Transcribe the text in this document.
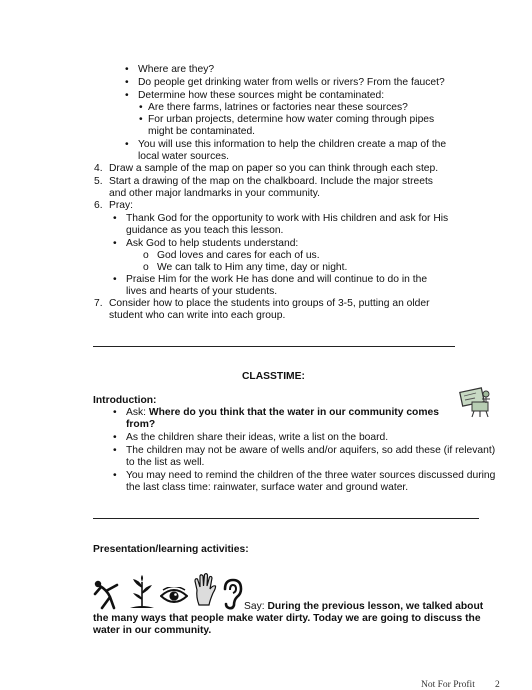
• Where are they?
• Do people get drinking water from wells or rivers? From the faucet?
• Determine how these sources might be contaminated:
• Are there farms, latrines or factories near these sources?
• For urban projects, determine how water coming through pipes
might be contaminated.
• You will use this information to help the children create a map of the
local water sources.
4. Draw a sample of the map on paper so you can think through each step.
5. Start a drawing of the map on the chalkboard. Include the major streets
and other major landmarks in your community.
6. Pray:
• Thank God for the opportunity to work with His children and ask for His
guidance as you teach this lesson.
• Ask God to help students understand:
o God loves and cares for each of us.
o We can talk to Him any time, day or night.
• Praise Him for the work He has done and will continue to do in the
lives and hearts of your students.
7. Consider how to place the students into groups of 3-5, putting an older
student who can write into each group.
CLASSTIME:
Introduction:
• Ask: Where do you think that the water in our community comes
from?
• As the children share their ideas, write a list on the board.
• The children may not be aware of wells and/or aquifers, so add these (if relevant)
to the list as well.
• You may need to remind the children of the three water sources discussed during
the last class time: rainwater, surface water and ground water.
Presentation/learning activities:
Say: During the previous lesson, we talked about
the many ways that people make water dirty. Today we are going to discuss the
water in our community.
Not For Profit 2
